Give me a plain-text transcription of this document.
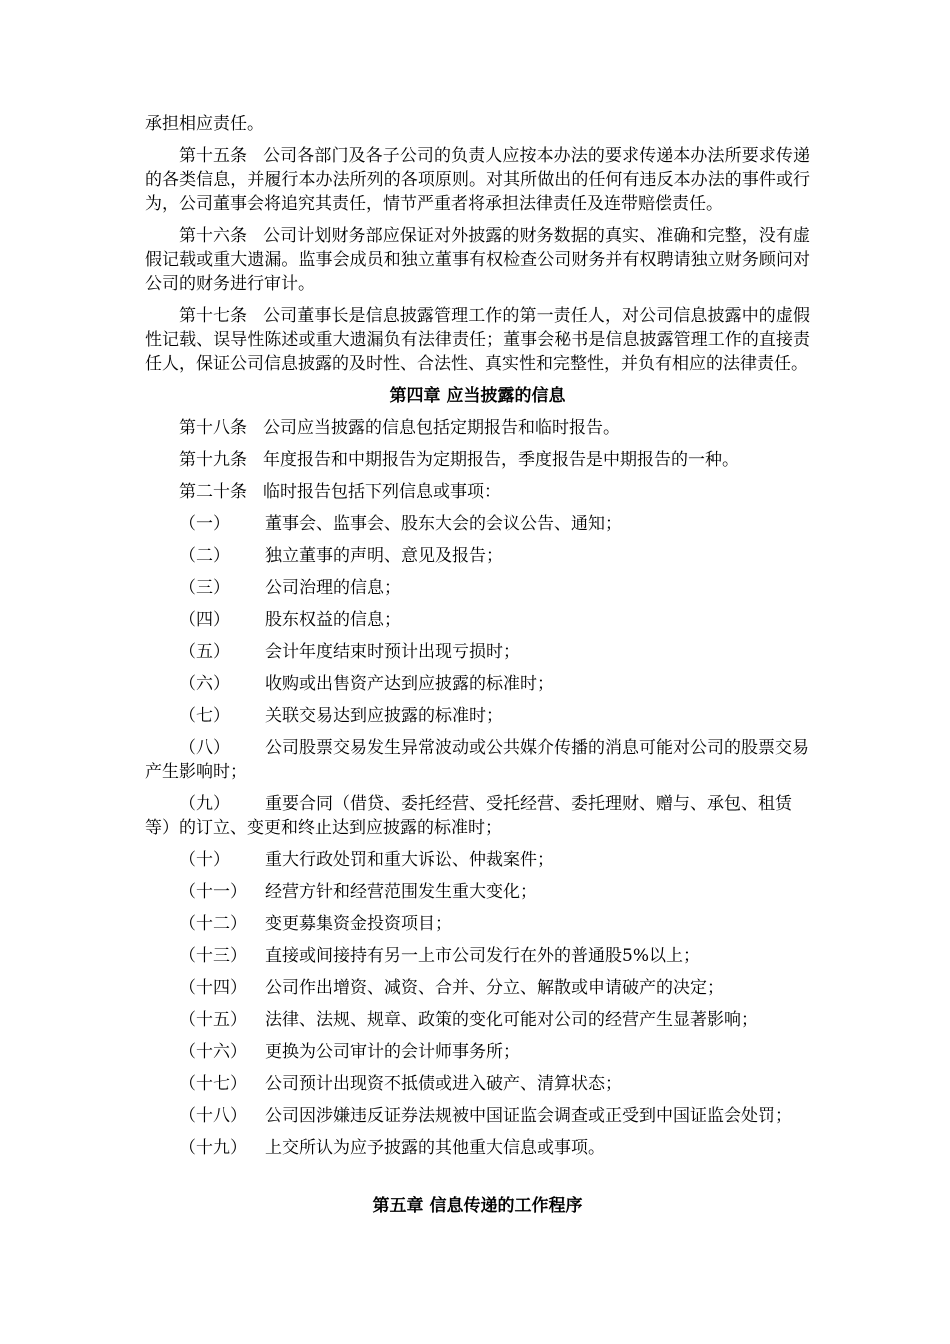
承担相应责任。
第十五条 公司各部门及各子公司的负责人应按本办法的要求传递本办法所要求传递的各类信息，并履行本办法所列的各项原则。对其所做出的任何有违反本办法的事件或行为，公司董事会将追究其责任，情节严重者将承担法律责任及连带赔偿责任。
第十六条 公司计划财务部应保证对外披露的财务数据的真实、准确和完整，没有虚假记载或重大遗漏。监事会成员和独立董事有权检查公司财务并有权聘请独立财务顾问对公司的财务进行审计。
第十七条 公司董事长是信息披露管理工作的第一责任人，对公司信息披露中的虚假性记载、误导性陈述或重大遗漏负有法律责任；董事会秘书是信息披露管理工作的直接责任人，保证公司信息披露的及时性、合法性、真实性和完整性，并负有相应的法律责任。
第四章 应当披露的信息
第十八条 公司应当披露的信息包括定期报告和临时报告。
第十九条 年度报告和中期报告为定期报告，季度报告是中期报告的一种。
第二十条 临时报告包括下列信息或事项：
（一） 董事会、监事会、股东大会的会议公告、通知；
（二） 独立董事的声明、意见及报告；
（三） 公司治理的信息；
（四） 股东权益的信息；
（五） 会计年度结束时预计出现亏损时；
（六） 收购或出售资产达到应披露的标准时；
（七） 关联交易达到应披露的标准时；
（八） 公司股票交易发生异常波动或公共媒介传播的消息可能对公司的股票交易产生影响时；
（九） 重要合同（借贷、委托经营、受托经营、委托理财、赠与、承包、租赁等）的订立、变更和终止达到应披露的标准时；
（十） 重大行政处罚和重大诉讼、仲裁案件；
（十一） 经营方针和经营范围发生重大变化；
（十二） 变更募集资金投资项目；
（十三） 直接或间接持有另一上市公司发行在外的普通股5%以上；
（十四） 公司作出增资、减资、合并、分立、解散或申请破产的决定；
（十五） 法律、法规、规章、政策的变化可能对公司的经营产生显著影响；
（十六） 更换为公司审计的会计师事务所；
（十七） 公司预计出现资不抵债或进入破产、清算状态；
（十八） 公司因涉嫌违反证券法规被中国证监会调查或正受到中国证监会处罚；
（十九） 上交所认为应予披露的其他重大信息或事项。
第五章 信息传递的工作程序
